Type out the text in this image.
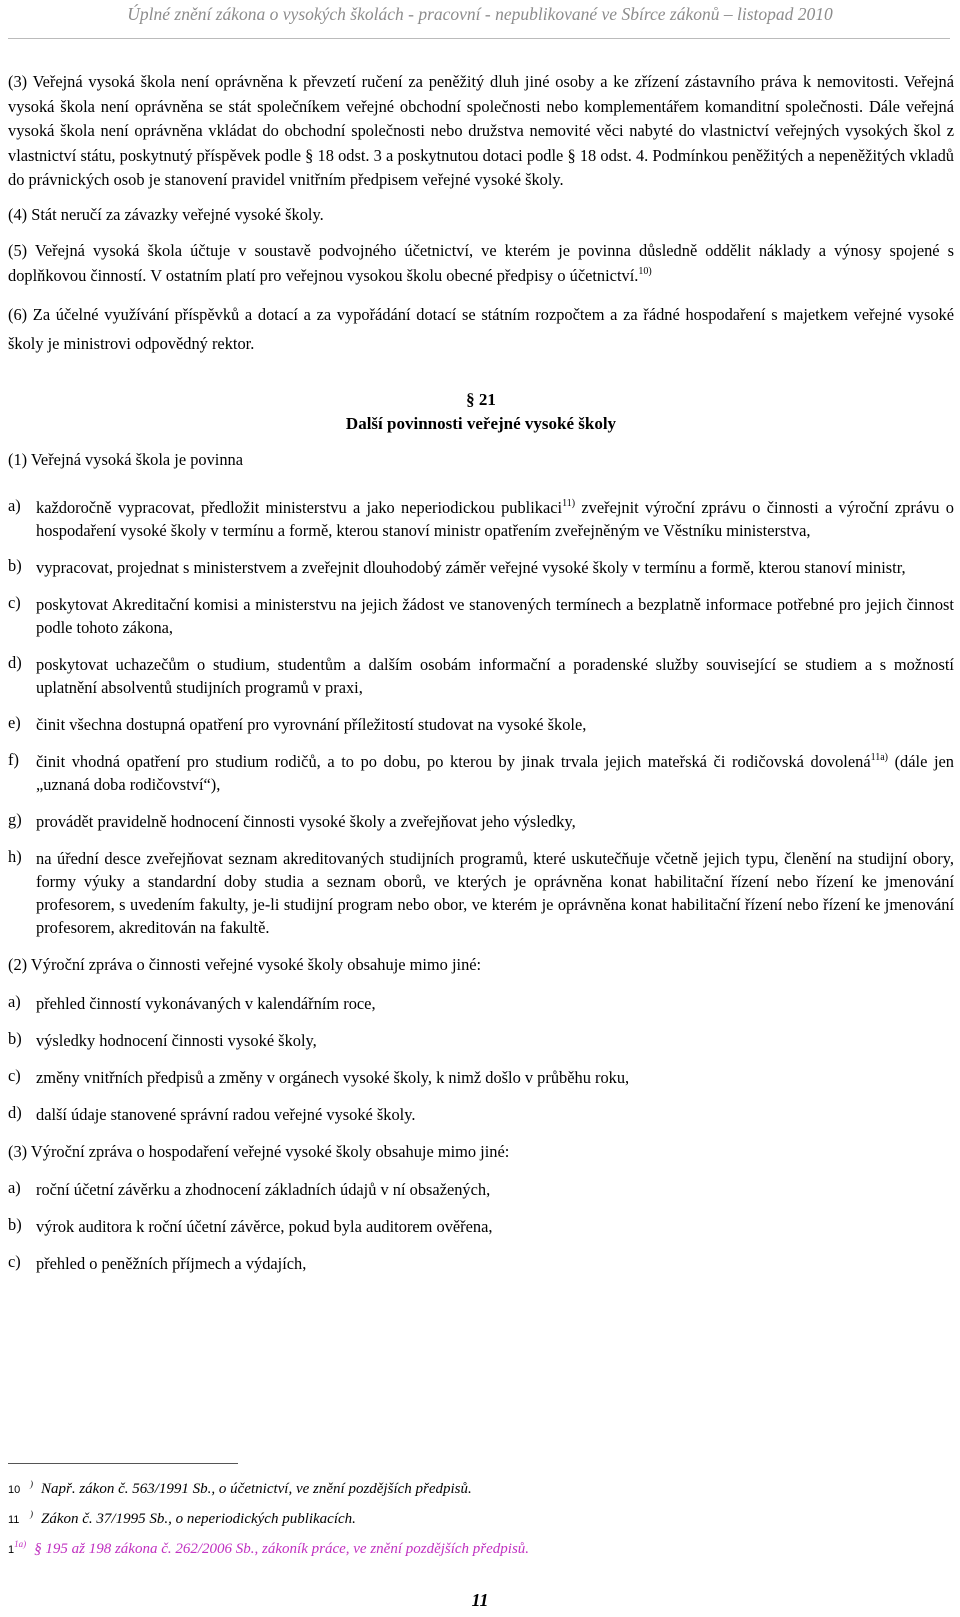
Úplné znění zákona o vysokých školách - pracovní - nepublikované ve Sbírce zákonů – listopad 2010

(3) Veřejná vysoká škola není oprávněna k převzetí ručení za peněžitý dluh jiné osoby a ke zřízení zástavního práva k nemovitosti. Veřejná vysoká škola není oprávněna se stát společníkem veřejné obchodní společnosti nebo komplementářem komanditní společnosti. Dále veřejná vysoká škola není oprávněna vkládat do obchodní společnosti nebo družstva nemovité věci nabyté do vlastnictví veřejných vysokých škol z vlastnictví státu, poskytnutý příspěvek podle § 18 odst. 3 a poskytnutou dotaci podle § 18 odst. 4. Podmínkou peněžitých a nepeněžitých vkladů do právnických osob je stanovení pravidel vnitřním předpisem veřejné vysoké školy.

(4) Stát neručí za závazky veřejné vysoké školy.

(5) Veřejná vysoká škola účtuje v soustavě podvojného účetnictví, ve kterém je povinna důsledně oddělit náklady a výnosy spojené s doplňkovou činností. V ostatním platí pro veřejnou vysokou školu obecné předpisy o účetnictví.$^{10)}$

(6) Za účelné využívání příspěvků a dotací a za vypořádání dotací se státním rozpočtem a za řádné hospodaření s majetkem veřejné vysoké školy je ministrovi odpovědný rektor.

§ 21
Další povinnosti veřejné vysoké školy
(1) Veřejná vysoká škola je povinna
a) každoročně vypracovat, předložit ministerstvu a jako neperiodickou publikaci$^{11)}$ zveřejnit výroční zprávu o činnosti a výroční zprávu o hospodaření vysoké školy v termínu a formě, kterou stanoví ministr opatřením zveřejněným ve Věstníku ministerstva,
b) vypracovat, projednat s ministerstvem a zveřejnit dlouhodobý záměr veřejné vysoké školy v termínu a formě, kterou stanoví ministr,
c) poskytovat Akreditační komisi a ministerstvu na jejich žádost ve stanovených termínech a bezplatně informace potřebné pro jejich činnost podle tohoto zákona,
d) poskytovat uchazečům o studium, studentům a dalším osobám informační a poradenské služby související se studiem a s možností uplatnění absolventů studijních programů v praxi,
e) činit všechna dostupná opatření pro vyrovnání příležitostí studovat na vysoké škole,
f)	činit vhodná opatření pro studium rodičů, a to po dobu, po kterou by jinak trvala jejich mateřská či rodičovská dovolená$^{11a)}$ (dále jen „uznaná doba rodičovství“),
g) provádět pravidelně hodnocení činnosti vysoké školy a zveřejňovat jeho výsledky,
h) na úřední desce zveřejňovat seznam akreditovaných studijních programů, které uskutečňuje včetně jejich typu, členění na studijní obory, formy výuky a standardní doby studia a seznam oborů, ve kterých je oprávněna konat habilitační řízení nebo řízení ke jmenování profesorem, s uvedením fakulty, je-li studijní program nebo obor, ve kterém je oprávněna konat habilitační řízení nebo řízení ke jmenování profesorem, akreditován na fakultě.

(2) Výroční zpráva o činnosti veřejné vysoké školy obsahuje mimo jiné:

a) přehled činností vykonávaných v kalendářním roce,
b) výsledky hodnocení činnosti vysoké školy,
c) změny vnitřních předpisů a změny v orgánech vysoké školy, k nimž došlo v průběhu roku,
d) další údaje stanovené správní radou veřejné vysoké školy.

(3) Výroční zpráva o hospodaření veřejné vysoké školy obsahuje mimo jiné:

a) roční účetní závěrku a zhodnocení základních údajů v ní obsažených,
b) výrok auditora k roční účetní závěrce, pokud byla auditorem ověřena,
c) přehled o peněžních příjmech a výdajích,
10 ) Např. zákon č. 563/1991 Sb., o účetnictví, ve znění pozdějších předpisů.
11 ) Zákon č. 37/1995 Sb., o neperiodických publikacích.
$1^{1a)}$ § 195 až 198 zákona č. 262/2006 Sb., zákoník práce, ve znění pozdějších předpisů.
11
